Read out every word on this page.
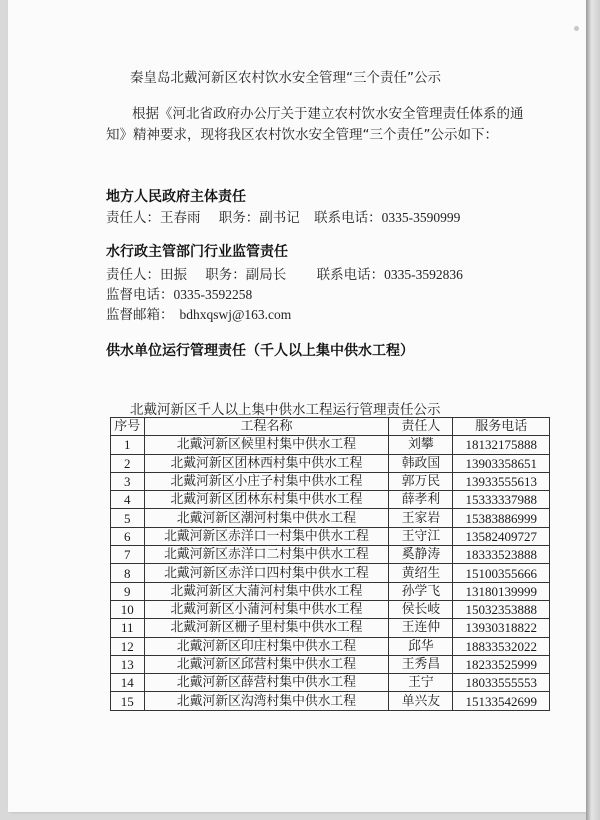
秦皇岛北戴河新区农村饮水安全管理“三个责任”公示
根据《河北省政府办公厅关于建立农村饮水安全管理责任体系的通知》精神要求，现将我区农村饮水安全管理“三个责任”公示如下：
地方人民政府主体责任
责任人：王春雨 职务：副书记 联系电话：0335-3590999
水行政主管部门行业监管责任
责任人：田振 职务：副局长 联系电话：0335-3592836
监督电话：0335-3592258
监督邮箱： bdhxqswj@163.com
供水单位运行管理责任（千人以上集中供水工程）
北戴河新区千人以上集中供水工程运行管理责任公示
序号	工程名称	责任人	服务电话
1	北戴河新区候里村集中供水工程	刘攀	18132175888
2	北戴河新区团林西村集中供水工程	韩政国	13903358651
3	北戴河新区小庄子村集中供水工程	郭万民	13933555613
4	北戴河新区团林东村集中供水工程	薛孝利	15333337988
5	北戴河新区潮河村集中供水工程	王家岩	15383886999
6	北戴河新区赤洋口一村集中供水工程	王守江	13582409727
7	北戴河新区赤洋口二村集中供水工程	奚静涛	18333523888
8	北戴河新区赤洋口四村集中供水工程	黄绍生	15100355666
9	北戴河新区大蒲河村集中供水工程	孙学飞	13180139999
10	北戴河新区小蒲河村集中供水工程	侯长岐	15032353888
11	北戴河新区栅子里村集中供水工程	王连仲	13930318822
12	北戴河新区印庄村集中供水工程	邱华	18833532022
13	北戴河新区邱营村集中供水工程	王秀昌	18233525999
14	北戴河新区薛营村集中供水工程	王宁	18033555553
15	北戴河新区沟湾村集中供水工程	单兴友	15133542699
